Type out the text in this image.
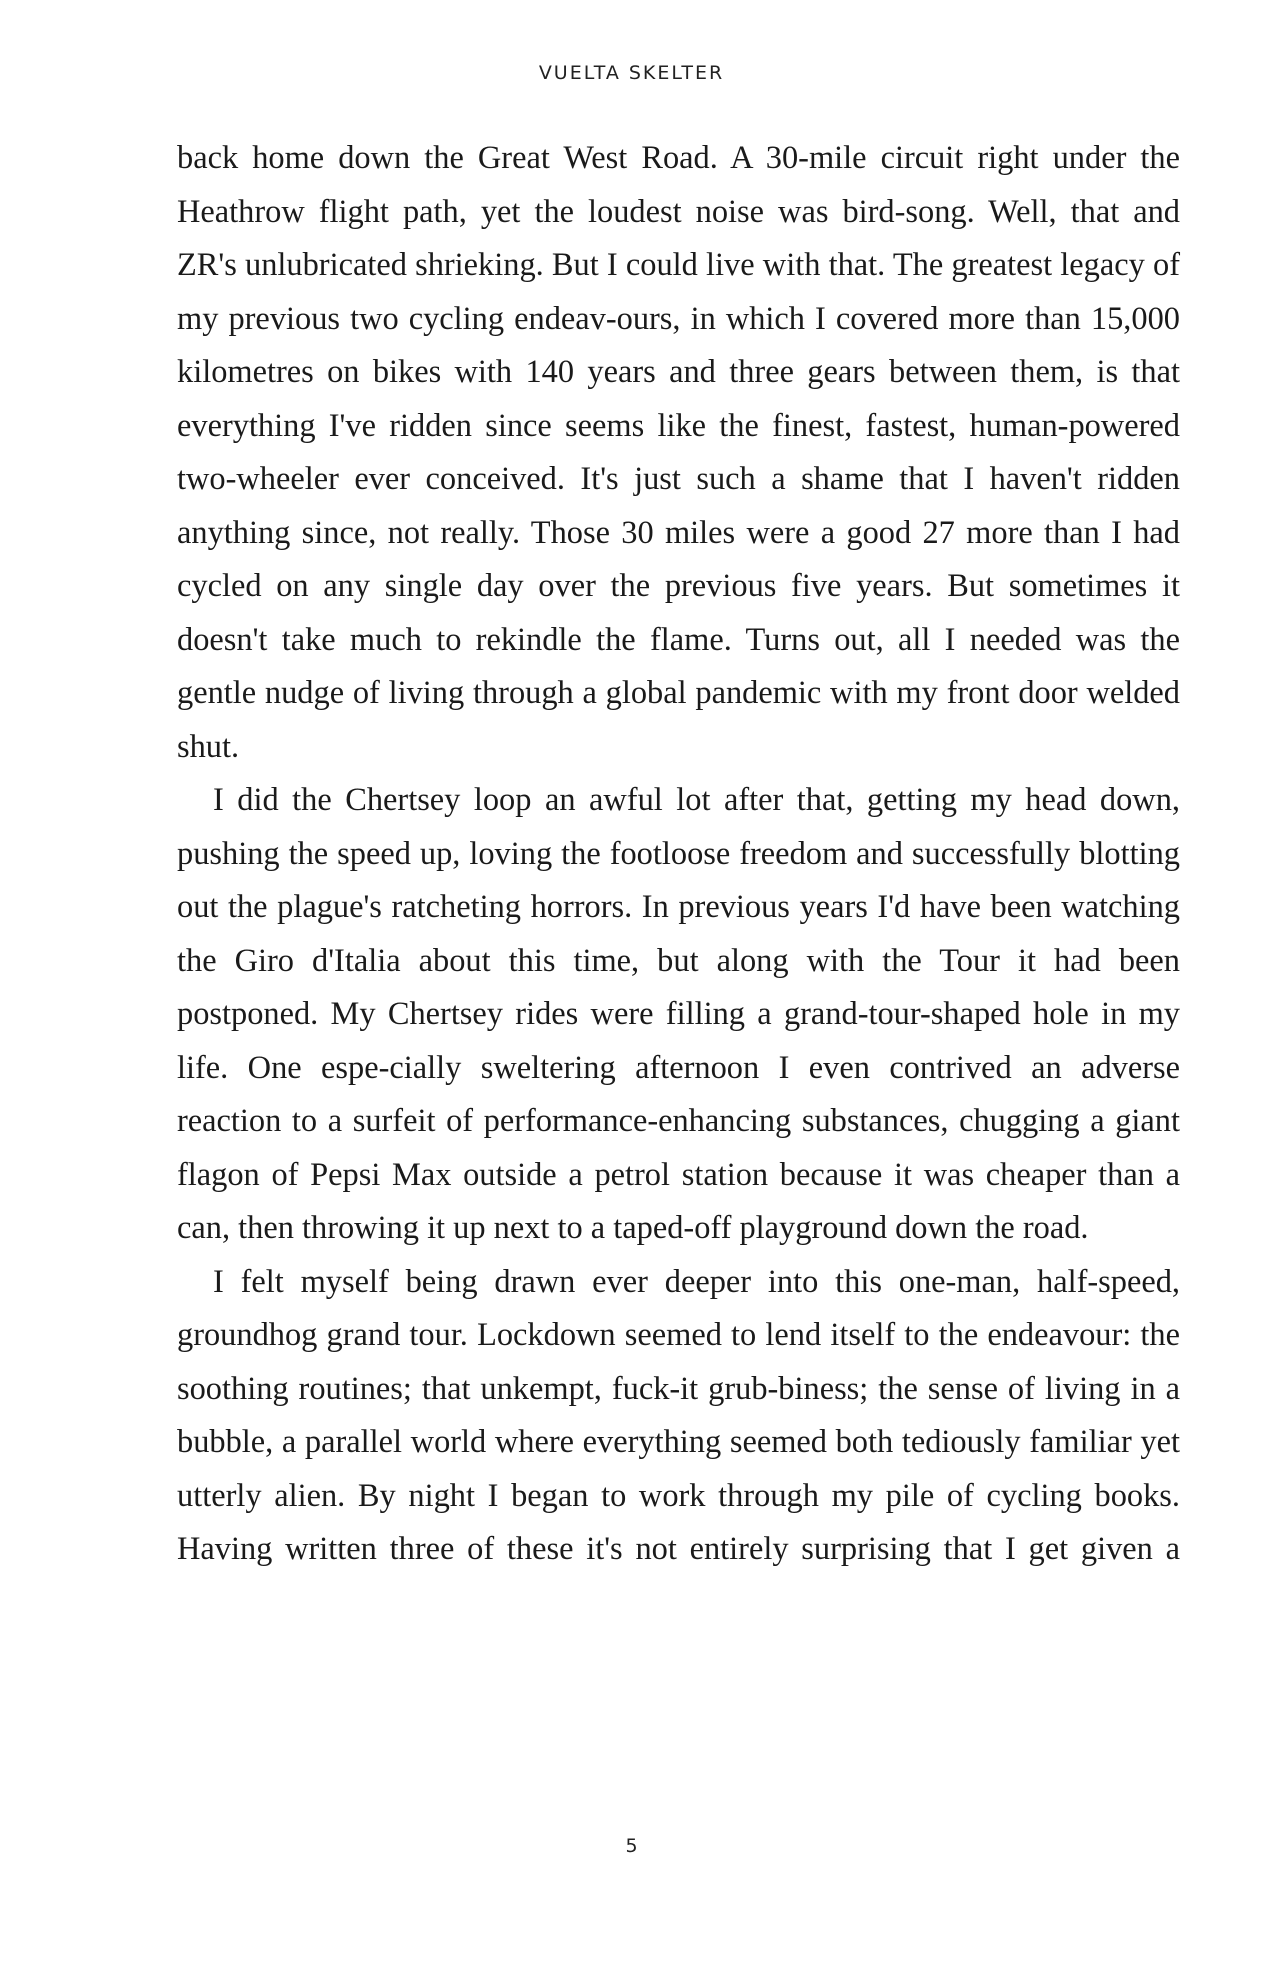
VUELTA SKELTER

back home down the Great West Road. A 30-mile circuit right under the Heathrow flight path, yet the loudest noise was bird-song. Well, that and ZR's unlubricated shrieking. But I could live with that. The greatest legacy of my previous two cycling endeav-ours, in which I covered more than 15,000 kilometres on bikes with 140 years and three gears between them, is that everything I've ridden since seems like the finest, fastest, human-powered two-wheeler ever conceived. It's just such a shame that I haven't ridden anything since, not really. Those 30 miles were a good 27 more than I had cycled on any single day over the previous five years. But sometimes it doesn't take much to rekindle the flame. Turns out, all I needed was the gentle nudge of living through a global pandemic with my front door welded shut.

I did the Chertsey loop an awful lot after that, getting my head down, pushing the speed up, loving the footloose freedom and successfully blotting out the plague's ratcheting horrors. In previous years I'd have been watching the Giro d'Italia about this time, but along with the Tour it had been postponed. My Chertsey rides were filling a grand-tour-shaped hole in my life. One espe-cially sweltering afternoon I even contrived an adverse reaction to a surfeit of performance-enhancing substances, chugging a giant flagon of Pepsi Max outside a petrol station because it was cheaper than a can, then throwing it up next to a taped-off playground down the road.

I felt myself being drawn ever deeper into this one-man, half-speed, groundhog grand tour. Lockdown seemed to lend itself to the endeavour: the soothing routines; that unkempt, fuck-it grub-biness; the sense of living in a bubble, a parallel world where everything seemed both tediously familiar yet utterly alien. By night I began to work through my pile of cycling books. Having written three of these it's not entirely surprising that I get given a

5
